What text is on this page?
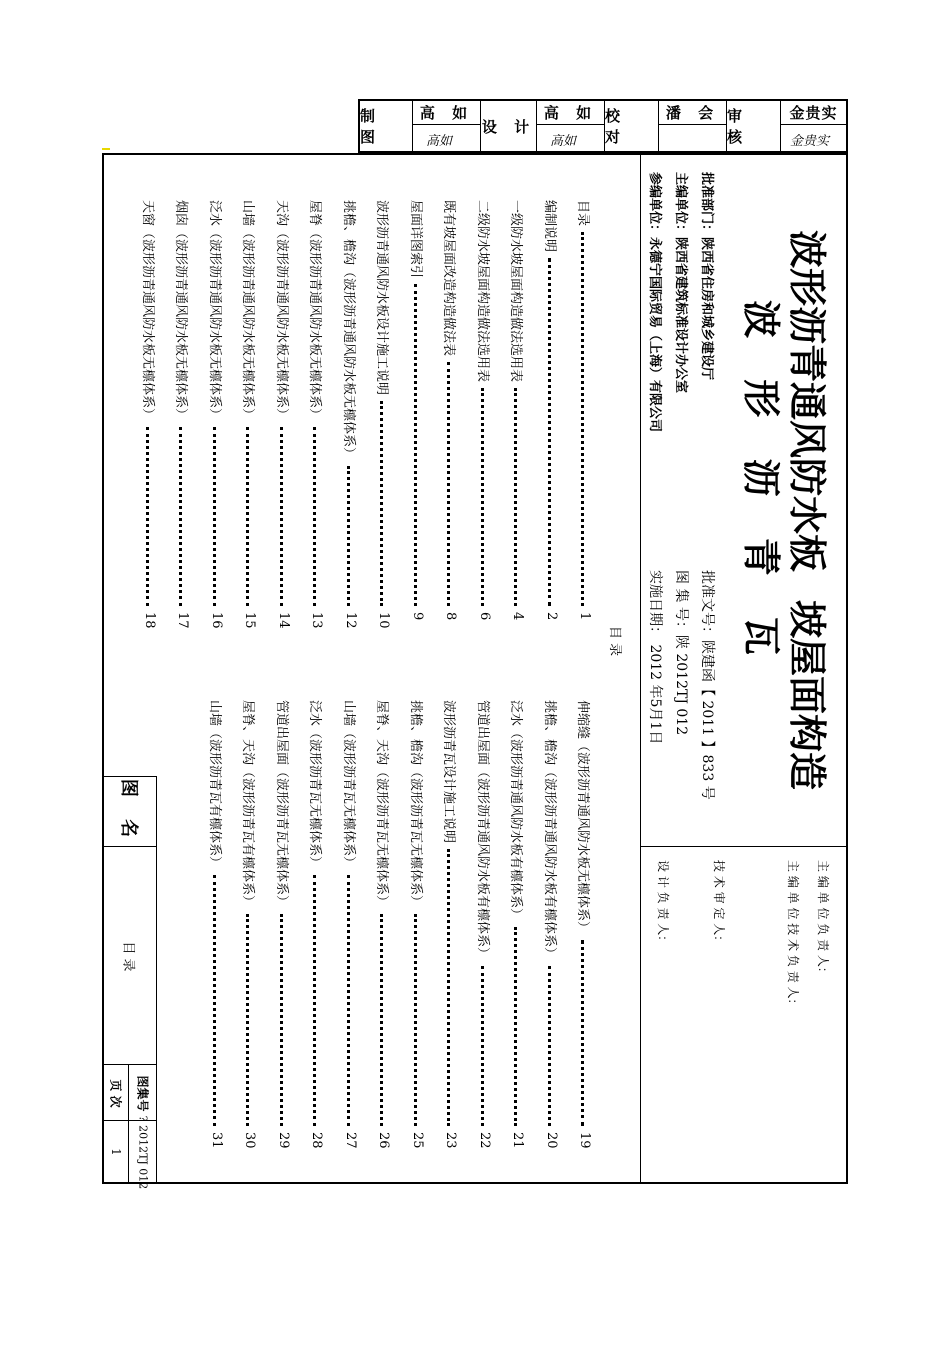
制 图
高 如
高如
设 计
高 如
高如
校 对
潘 会 审 核
金贵实
金贵实
图 名
目 录
图集号
页 次
? 2012TJ 012
1
波形沥青通风防水板
坡屋面构造
波 形 沥 青 瓦
批准部门：陕西省住房和城乡建设厅
主编单位：陕西省建筑标准设计办公室
参编单位：永德宁国际贸易（上海）有限公司
批准文号：陕建函【 2011 】833 号
图 集 号：陕 2012TJ 012
实施日期： 2012 年5月1日
主 编 单 位 负 责 人：
主 编 单 位 技 术 负 责 人：
技 术 审 定 人：
设 计 负 责 人：
目 录
目录
1
编制说明
2
一级防水坡屋面构造做法选用表
4
二级防水坡屋面构造做法选用表
6
既有坡屋面改造构造做法表
8
屋面详图索引
9
波形沥青通风防水板设计施工说明
10
挑檐、檐沟（波形沥青通风防水板无檩体系）
12
屋脊（波形沥青通风防水板无檩体系）
13
天沟（波形沥青通风防水板无檩体系）
14
山墙（波形沥青通风防水板无檩体系）
15
泛水（波形沥青通风防水板无檩体系）
16
烟囱（波形沥青通风防水板无檩体系）
17
天窗（波形沥青通风防水板无檩体系）
18
伸缩缝（波形沥青通风防水板无檩体系）
19
挑檐、檐沟（波形沥青通风防水板有檩体系）
20
泛水（波形沥青通风防水板有檩体系）
21
管道出屋面（波形沥青通风防水板有檩体系）
22
波形沥青瓦设计施工说明
23
挑檐、檐沟（波形沥青瓦无檩体系）
25
屋脊、天沟（波形沥青瓦无檩体系）
26
山墙（波形沥青瓦无檩体系）
27
泛水（波形沥青瓦无檩体系）
28
管道出屋面（波形沥青瓦无檩体系）
29
屋脊、天沟（波形沥青瓦有檩体系）
30
山墙（波形沥青瓦有檩体系）
31
